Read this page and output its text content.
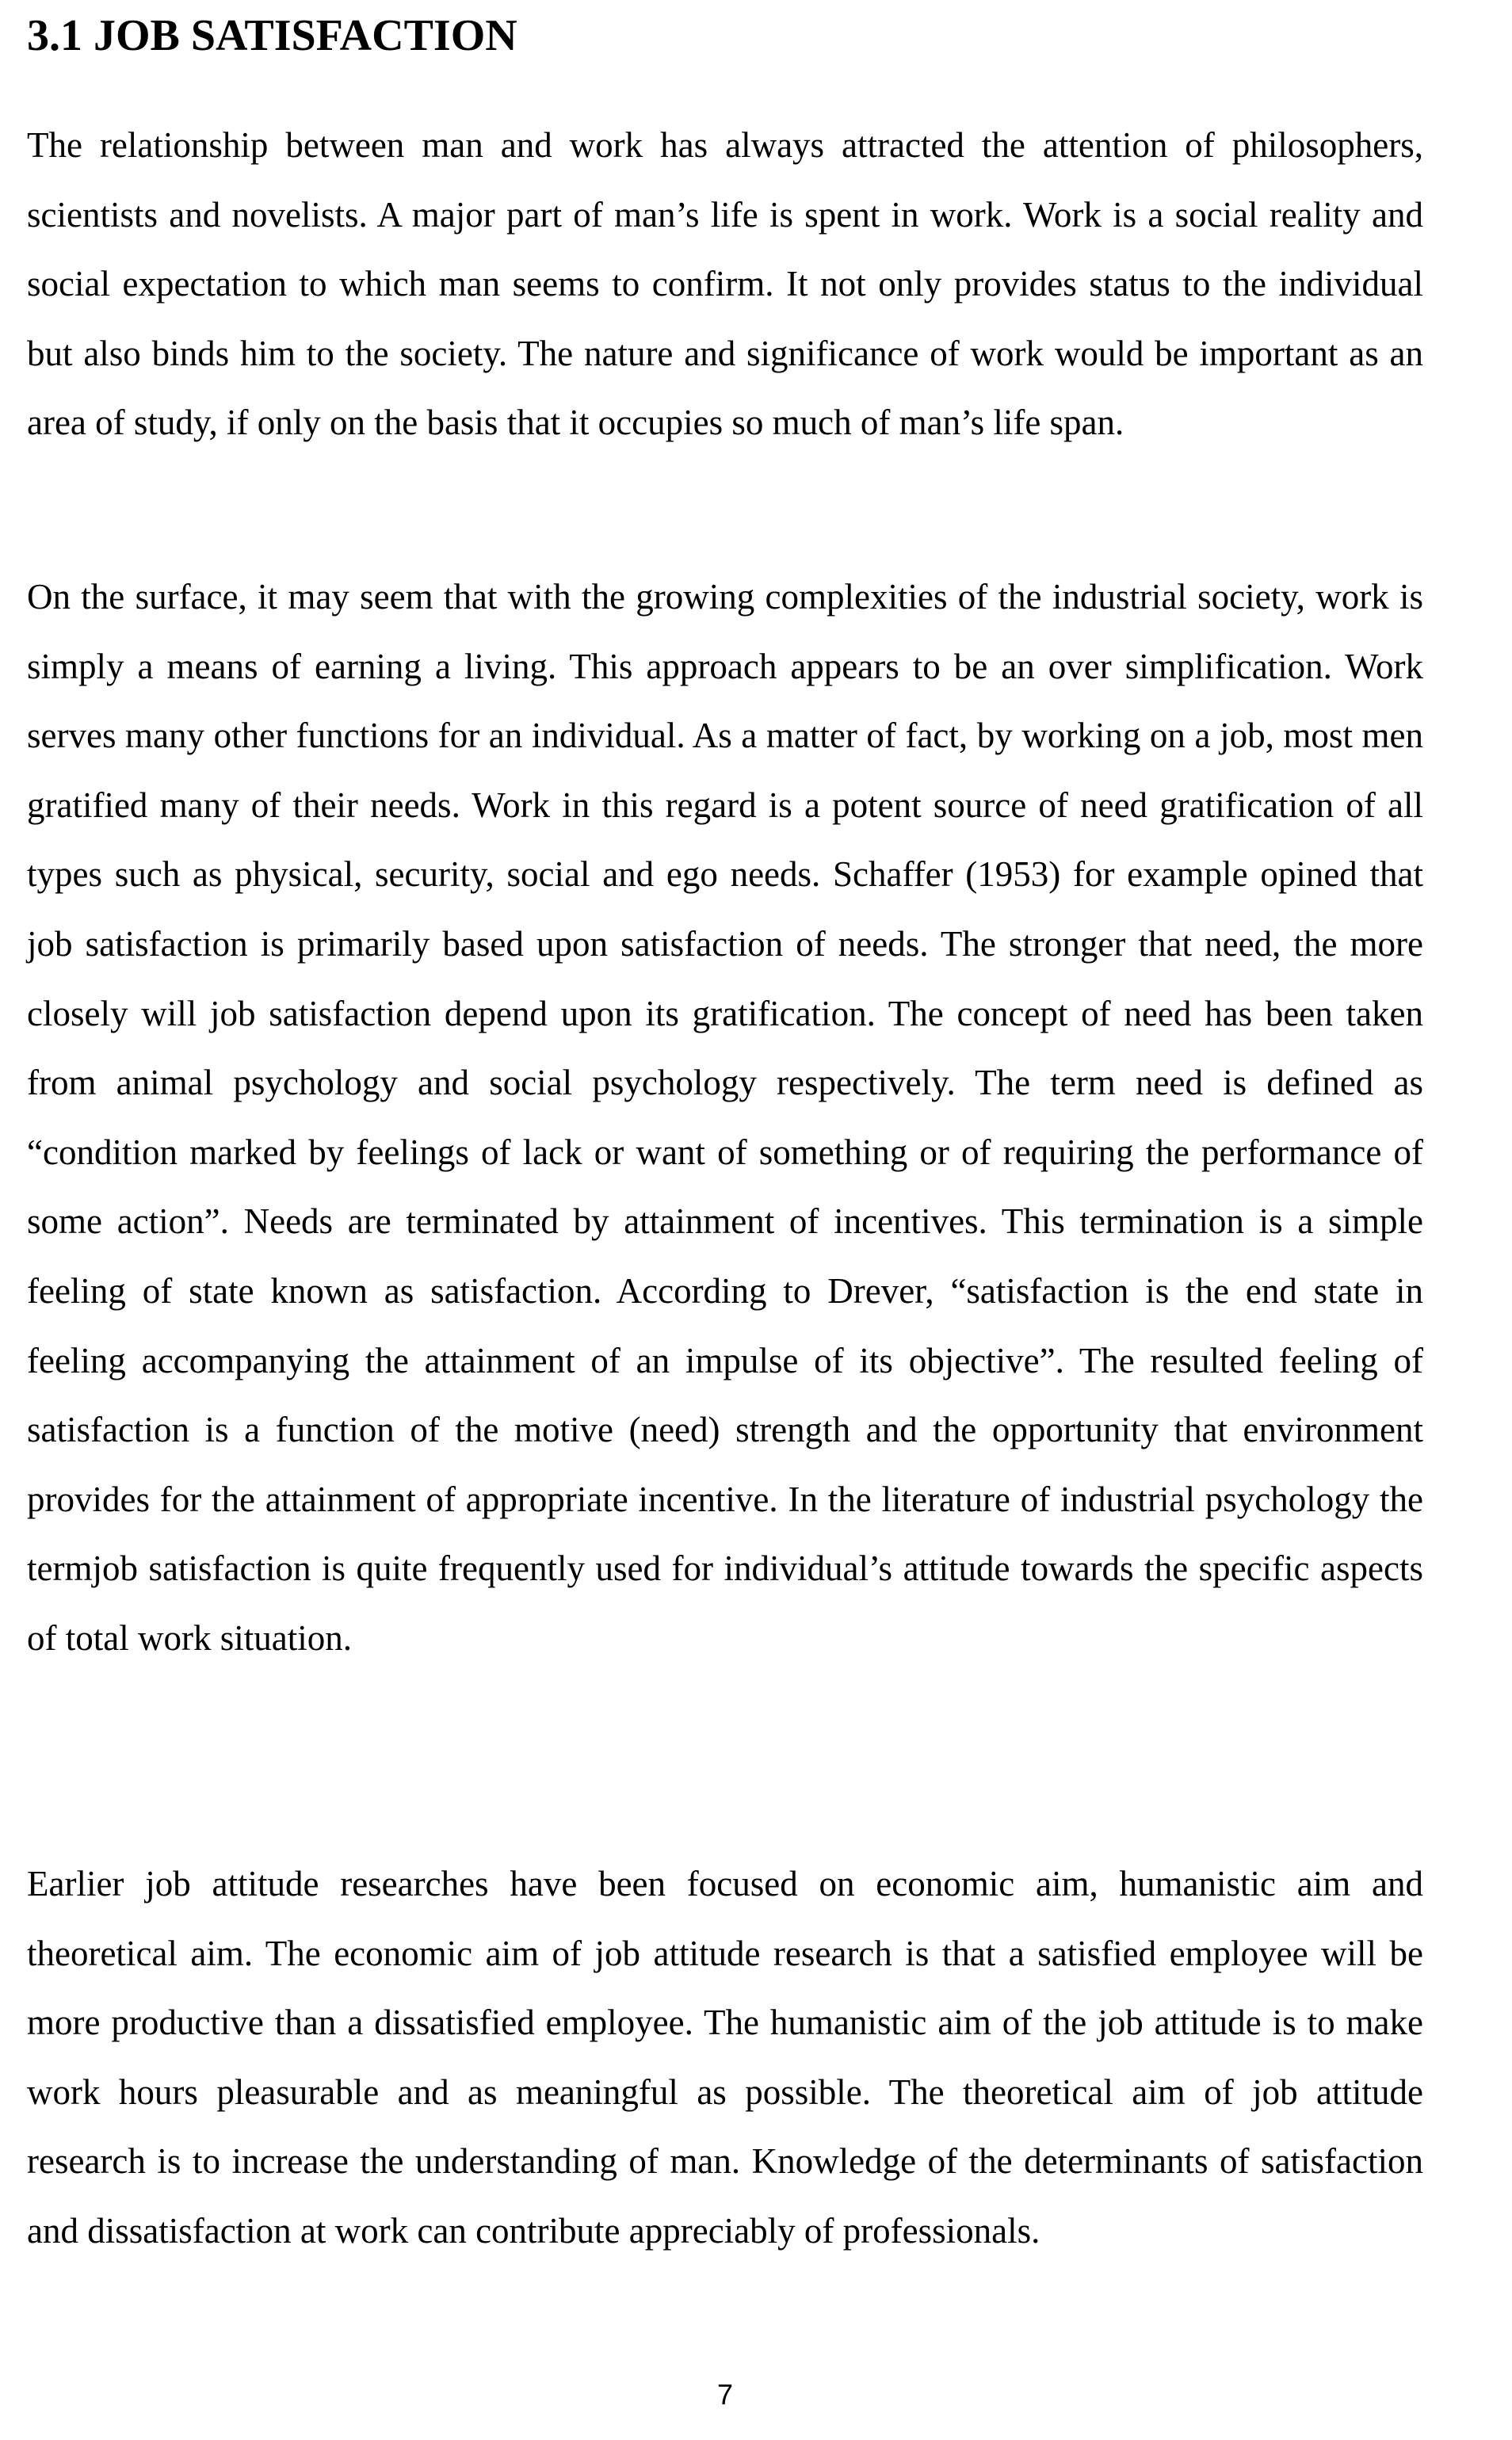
3.1 JOB SATISFACTION

The relationship between man and work has always attracted the attention of philosophers, scientists and novelists. A major part of man’s life is spent in work. Work is a social reality and social expectation to which man seems to confirm. It not only provides status to the individual but also binds him to the society. The nature and significance of work would be important as an area of study, if only on the basis that it occupies so much of man’s life span.

On the surface, it may seem that with the growing complexities of the industrial society, work is simply a means of earning a living. This approach appears to be an over simplification. Work serves many other functions for an individual. As a matter of fact, by working on a job, most men gratified many of their needs. Work in this regard is a potent source of need gratification of all types such as physical, security, social and ego needs. Schaffer (1953) for example opined that job satisfaction is primarily based upon satisfaction of needs. The stronger that need, the more closely will job satisfaction depend upon its gratification. The concept of need has been taken from animal psychology and social psychology respectively. The term need is defined as “condition marked by feelings of lack or want of something or of requiring the performance of some action”. Needs are terminated by attainment of incentives. This termination is a simple feeling of state known as satisfaction. According to Drever, “satisfaction is the end state in feeling accompanying the attainment of an impulse of its objective”. The resulted feeling of satisfaction is a function of the motive (need) strength and the opportunity that environment provides for the attainment of appropriate incentive. In the literature of industrial psychology the termjob satisfaction is quite frequently used for individual’s attitude towards the specific aspects of total work situation.

Earlier job attitude researches have been focused on economic aim, humanistic aim and theoretical aim. The economic aim of job attitude research is that a satisfied employee will be more productive than a dissatisfied employee. The humanistic aim of the job attitude is to make work hours pleasurable and as meaningful as possible. The theoretical aim of job attitude research is to increase the understanding of man. Knowledge of the determinants of satisfaction and dissatisfaction at work can contribute appreciably of professionals.

7
